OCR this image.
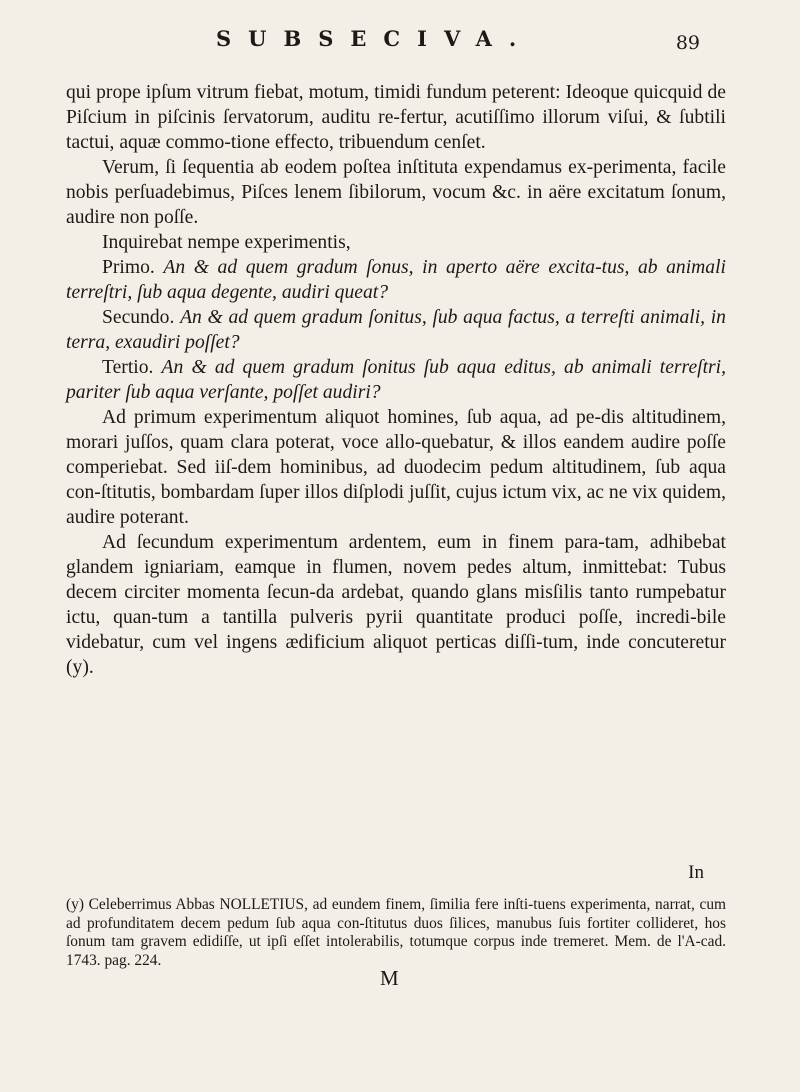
SUBSECIVA.	89

qui prope ipſum vitrum fiebat, motum, timidi fundum peterent: Ideoque quicquid de Piſcium in piſcinis ſervatorum, auditu re-fertur, acutiſſimo illorum viſui, & ſubtili tactui, aquæ commo-tione effecto, tribuendum cenſet.

Verum, ſi ſequentia ab eodem poſtea inſtituta expendamus ex-perimenta, facile nobis perſuadebimus, Piſces lenem ſibilorum, vocum &c. in aëre excitatum ſonum, audire non poſſe.

Inquirebat nempe experimentis,

Primo. An & ad quem gradum ſonus, in aperto aëre excita-tus, ab animali terreſtri, ſub aqua degente, audiri queat?

Secundo. An & ad quem gradum ſonitus, ſub aqua factus, a terreſti animali, in terra, exaudiri poſſet?

Tertio. An & ad quem gradum ſonitus ſub aqua editus, ab animali terreſtri, pariter ſub aqua verſante, poſſet audiri?

Ad primum experimentum aliquot homines, ſub aqua, ad pe-dis altitudinem, morari juſſos, quam clara poterat, voce allo-quebatur, & illos eandem audire poſſe comperiebat. Sed iiſ-dem hominibus, ad duodecim pedum altitudinem, ſub aqua con-ſtitutis, bombardam ſuper illos diſplodi juſſit, cujus ictum vix, ac ne vix quidem, audire poterant.

Ad ſecundum experimentum ardentem, eum in finem para-tam, adhibebat glandem igniariam, eamque in flumen, novem pedes altum, inmittebat: Tubus decem circiter momenta ſecun-da ardebat, quando glans misſilis tanto rumpebatur ictu, quan-tum a tantilla pulveris pyrii quantitate produci poſſe, incredi-bile videbatur, cum vel ingens ædificium aliquot perticas diſſi-tum, inde concuteretur (y).

In

(y) Celeberrimus Abbas NOLLETIUS, ad eundem finem, ſimilia fere inſti-tuens experimenta, narrat, cum ad profunditatem decem pedum ſub aqua con-ſtitutus duos ſilices, manubus ſuis fortiter collideret, hos ſonum tam gravem edidiſſe, ut ipſi eſſet intolerabilis, totumque corpus inde tremeret. Mem. de l'A-cad. 1743. pag. 224.

M
